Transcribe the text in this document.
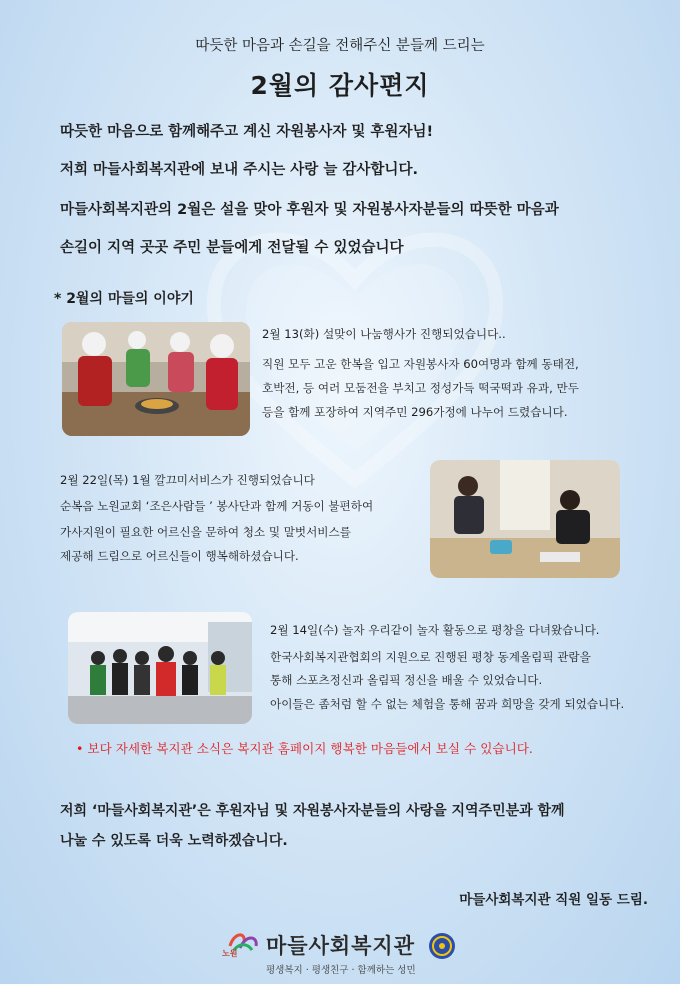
따듯한 마음과 손길을 전해주신 분들께 드리는
2월의 감사편지
따듯한 마음으로 함께해주고 계신 자원봉사자 및 후원자님!
저희 마들사회복지관에 보내 주시는 사랑 늘 감사합니다.
마들사회복지관의 2월은 설을 맞아 후원자 및 자원봉사자분들의 따뜻한 마음과
손길이 지역 곳곳 주민 분들에게 전달될 수 있었습니다
* 2월의 마들의 이야기
2월 13(화) 설맞이 나눔행사가 진행되었습니다..
직원 모두 고운 한복을 입고 자원봉사자 60여명과 함께 동태전,
호박전, 등 여러 모둠전을 부치고 정성가득 떡국떡과 유과, 만두
등을 함께 포장하여 지역주민 296가정에 나누어 드렸습니다.
2월 22일(목) 1월 깔끄미서비스가 진행되었습니다
순복음 노원교회 ‘조은사람들 ’ 봉사단과 함께 거동이 불편하여
가사지원이 필요한 어르신을 문하여 청소 및 말벗서비스를
제공해 드림으로 어르신들이 행복해하셨습니다.
2월 14일(수) 놀자 우리같이 놀자 활동으로 평창을 다녀왔습니다.
한국사회복지관협회의 지원으로 진행된 평창 동계올림픽 관람을
통해 스포츠정신과 올림픽 정신을 배울 수 있었습니다.
아이들은 좀처럼 할 수 없는 체험을 통해 꿈과 희망을 갖게 되었습니다.
• 보다 자세한 복지관 소식은 복지관 홈페이지 행복한 마음들에서 보실 수 있습니다.
저희 ‘마들사회복지관’은 후원자님 및 자원봉사자분들의 사랑을 지역주민분과 함께
나눌 수 있도록 더욱 노력하겠습니다.
마들사회복지관 직원 일동 드림.
노원 마들사회복지관
평생복지 · 평생친구 · 함께하는 성민
